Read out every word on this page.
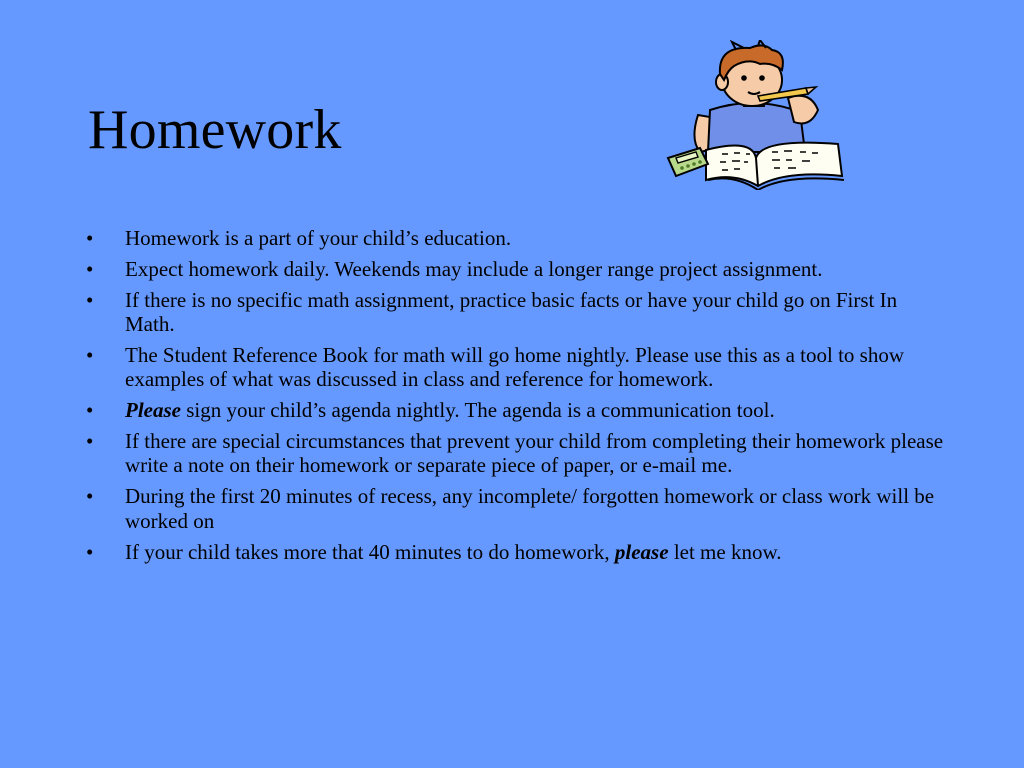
Homework
• Homework is a part of your child’s education.
• Expect homework daily. Weekends may include a longer range project assignment.
• If there is no specific math assignment, practice basic facts or have your child go on First In Math.
• The Student Reference Book for math will go home nightly. Please use this as a tool to show examples of what was discussed in class and reference for homework.
• Please sign your child’s agenda nightly. The agenda is a communication tool.
• If there are special circumstances that prevent your child from completing their homework please write a note on their homework or separate piece of paper, or e-mail me.
• During the first 20 minutes of recess, any incomplete/ forgotten homework or class work will be worked on
• If your child takes more that 40 minutes to do homework, please let me know.
